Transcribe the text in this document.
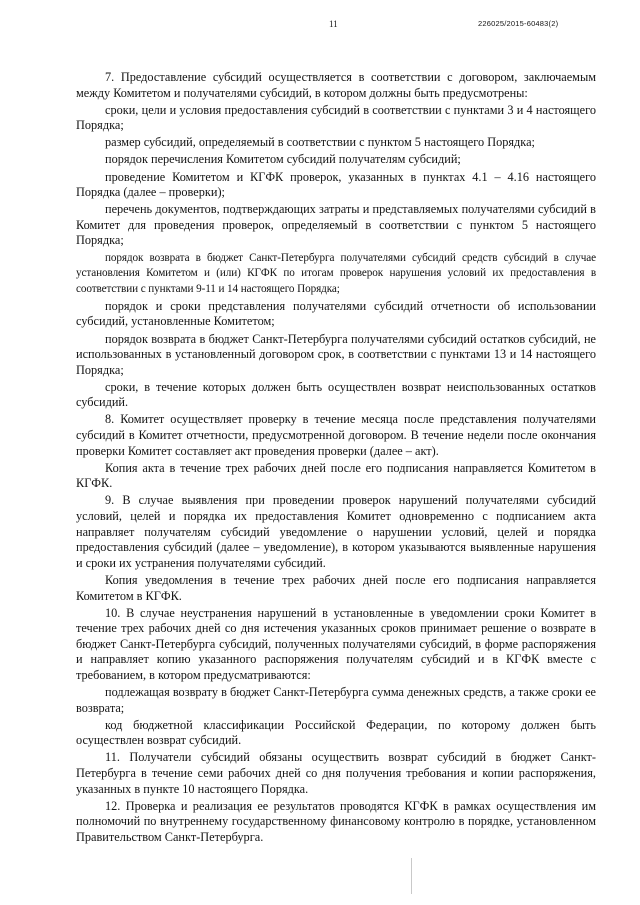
11	226025/2015-60483(2)

7. Предоставление субсидий осуществляется в соответствии с договором, заключаемым между Комитетом и получателями субсидий, в котором должны быть предусмотрены:

сроки, цели и условия предоставления субсидий в соответствии с пунктами 3 и 4 настоящего Порядка;

размер субсидий, определяемый в соответствии с пунктом 5 настоящего Порядка;

порядок перечисления Комитетом субсидий получателям субсидий;

проведение Комитетом и КГФК проверок, указанных в пунктах 4.1 – 4.16 настоящего Порядка (далее – проверки);

перечень документов, подтверждающих затраты и представляемых получателями субсидий в Комитет для проведения проверок, определяемый в соответствии с пунктом 5 настоящего Порядка;

порядок возврата в бюджет Санкт-Петербурга получателями субсидий средств субсидий в случае установления Комитетом и (или) КГФК по итогам проверок нарушения условий их предоставления в соответствии с пунктами 9-11 и 14 настоящего Порядка;

порядок и сроки представления получателями субсидий отчетности об использовании субсидий, установленные Комитетом;

порядок возврата в бюджет Санкт-Петербурга получателями субсидий остатков субсидий, не использованных в установленный договором срок, в соответствии с пунктами 13 и 14 настоящего Порядка;

сроки, в течение которых должен быть осуществлен возврат неиспользованных остатков субсидий.

8. Комитет осуществляет проверку в течение месяца после представления получателями субсидий в Комитет отчетности, предусмотренной договором. В течение недели после окончания проверки Комитет составляет акт проведения проверки (далее – акт).

Копия акта в течение трех рабочих дней после его подписания направляется Комитетом в КГФК.

9. В случае выявления при проведении проверок нарушений получателями субсидий условий, целей и порядка их предоставления Комитет одновременно с подписанием акта направляет получателям субсидий уведомление о нарушении условий, целей и порядка предоставления субсидий (далее – уведомление), в котором указываются выявленные нарушения и сроки их устранения получателями субсидий.

Копия уведомления в течение трех рабочих дней после его подписания направляется Комитетом в КГФК.

10. В случае неустранения нарушений в установленные в уведомлении сроки Комитет в течение трех рабочих дней со дня истечения указанных сроков принимает решение о возврате в бюджет Санкт-Петербурга субсидий, полученных получателями субсидий, в форме распоряжения и направляет копию указанного распоряжения получателям субсидий и в КГФК вместе с требованием, в котором предусматриваются:

подлежащая возврату в бюджет Санкт-Петербурга сумма денежных средств, а также сроки ее возврата;

код бюджетной классификации Российской Федерации, по которому должен быть осуществлен возврат субсидий.

11. Получатели субсидий обязаны осуществить возврат субсидий в бюджет Санкт-Петербурга в течение семи рабочих дней со дня получения требования и копии распоряжения, указанных в пункте 10 настоящего Порядка.

12. Проверка и реализация ее результатов проводятся КГФК в рамках осуществления им полномочий по внутреннему государственному финансовому контролю в порядке, установленном Правительством Санкт-Петербурга.
